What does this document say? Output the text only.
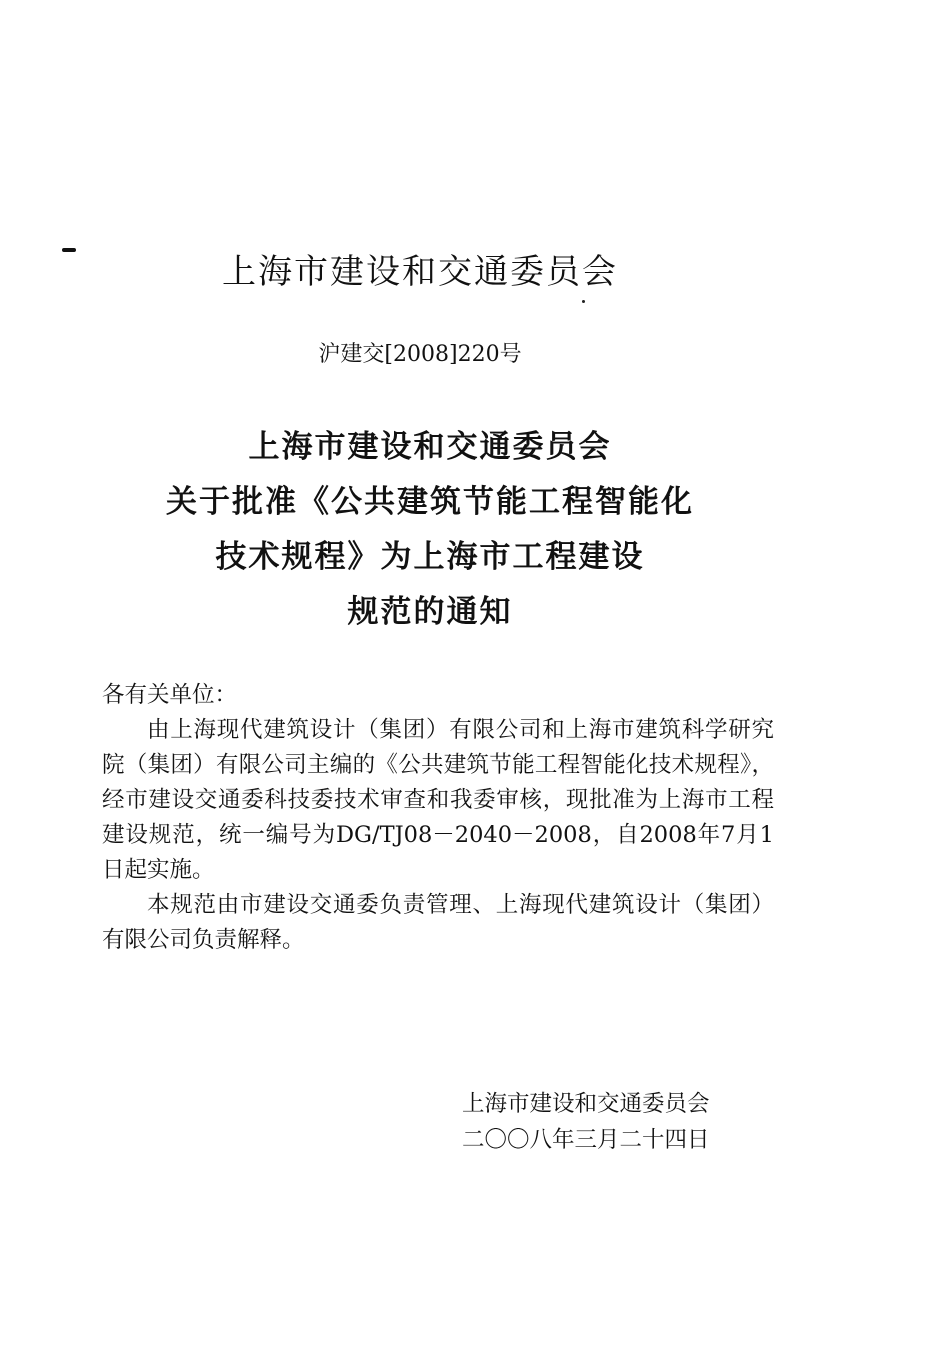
上海市建设和交通委员会
沪建交[2008]220号
上海市建设和交通委员会
关于批准《公共建筑节能工程智能化
技术规程》为上海市工程建设
规范的通知

各有关单位：

由上海现代建筑设计（集团）有限公司和上海市建筑科学研究院（集团）有限公司主编的《公共建筑节能工程智能化技术规程》，经市建设交通委科技委技术审查和我委审核，现批准为上海市工程建设规范，统一编号为DG/TJ08－2040－2008，自2008年7月1日起实施。

本规范由市建设交通委负责管理、上海现代建筑设计（集团）有限公司负责解释。

上海市建设和交通委员会
二〇〇八年三月二十四日
